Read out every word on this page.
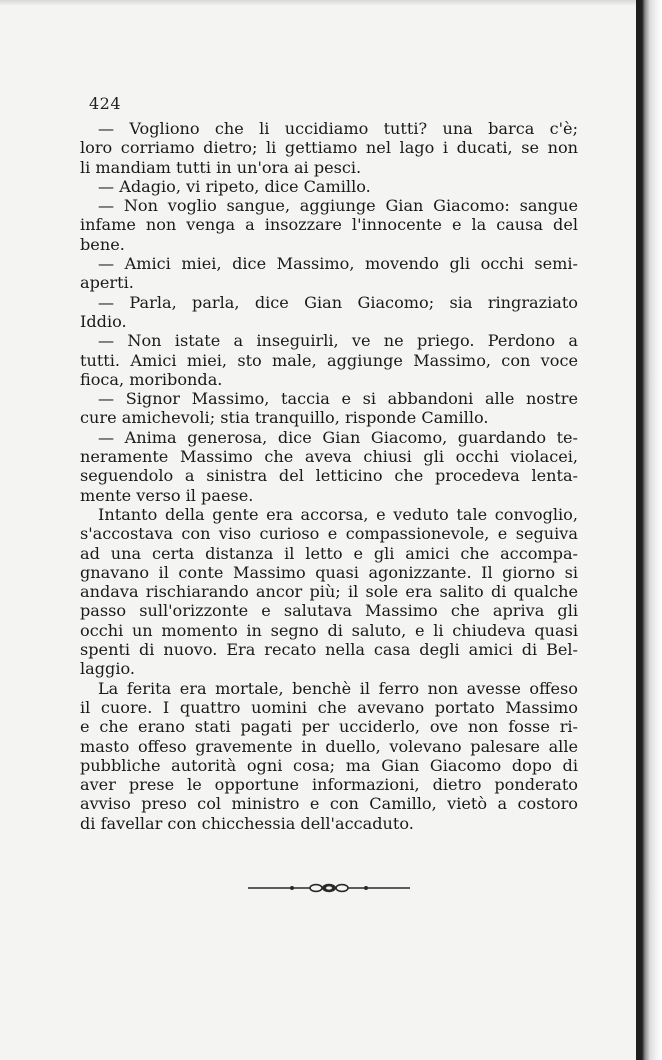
424
— Vogliono che li uccidiamo tutti? una barca c'è;
loro corriamo dietro; li gettiamo nel lago i ducati, se non
li mandiam tutti in un'ora ai pesci.
— Adagio, vi ripeto, dice Camillo.
— Non voglio sangue, aggiunge Gian Giacomo: sangue
infame non venga a insozzare l'innocente e la causa del
bene.
— Amici miei, dice Massimo, movendo gli occhi semi-
aperti.
— Parla, parla, dice Gian Giacomo; sia ringraziato
Iddio.
— Non istate a inseguirli, ve ne priego. Perdono a
tutti. Amici miei, sto male, aggiunge Massimo, con voce
fioca, moribonda.
— Signor Massimo, taccia e si abbandoni alle nostre
cure amichevoli; stia tranquillo, risponde Camillo.
— Anima generosa, dice Gian Giacomo, guardando te-
neramente Massimo che aveva chiusi gli occhi violacei,
seguendolo a sinistra del letticino che procedeva lenta-
mente verso il paese.
Intanto della gente era accorsa, e veduto tale convoglio,
s'accostava con viso curioso e compassionevole, e seguiva
ad una certa distanza il letto e gli amici che accompa-
gnavano il conte Massimo quasi agonizzante. Il giorno si
andava rischiarando ancor più; il sole era salito di qualche
passo sull'orizzonte e salutava Massimo che apriva gli
occhi un momento in segno di saluto, e li chiudeva quasi
spenti di nuovo. Era recato nella casa degli amici di Bel-
laggio.
La ferita era mortale, benchè il ferro non avesse offeso
il cuore. I quattro uomini che avevano portato Massimo
e che erano stati pagati per ucciderlo, ove non fosse ri-
masto offeso gravemente in duello, volevano palesare alle
pubbliche autorità ogni cosa; ma Gian Giacomo dopo di
aver prese le opportune informazioni, dietro ponderato
avviso preso col ministro e con Camillo, vietò a costoro
di favellar con chicchessia dell'accaduto.
